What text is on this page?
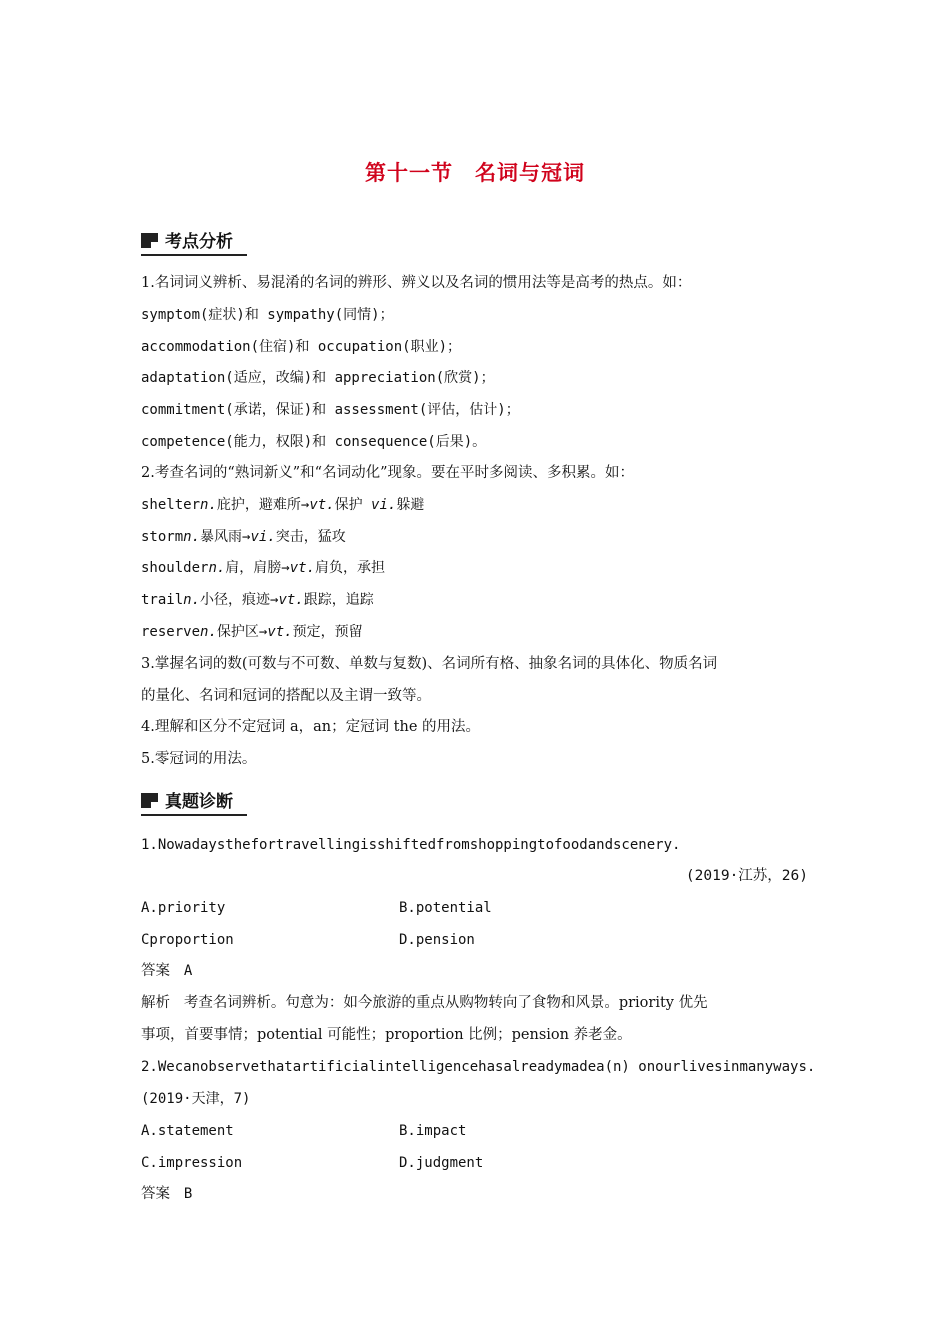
第十一节　名词与冠词
考点分析
1.名词词义辨析、易混淆的名词的辨形、辨义以及名词的惯用法等是高考的热点。如：
symptom(症状)和 sympathy(同情)；
accommodation(住宿)和 occupation(职业)；
adaptation(适应，改编)和 appreciation(欣赏)；
commitment(承诺，保证)和 assessment(评估，估计)；
competence(能力，权限)和 consequence(后果)。
2.考查名词的“熟词新义”和“名词动化”现象。要在平时多阅读、多积累。如：
sheltern.庇护，避难所→vt.保护 vi.躲避
stormn.暴风雨→vi.突击，猛攻
shouldern.肩，肩膀→vt.肩负，承担
trailn.小径，痕迹→vt.跟踪，追踪
reserven.保护区→vt.预定，预留
3.掌握名词的数(可数与不可数、单数与复数)、名词所有格、抽象名词的具体化、物质名词
的量化、名词和冠词的搭配以及主谓一致等。
4.理解和区分不定冠词 a，an；定冠词 the 的用法。
5.零冠词的用法。
真题诊断
1.Nowadaysthefortravellingisshiftedfromshoppingtofoodandscenery.
(2019·江苏，26)
A.priority	B.potential
Cproportion	D.pension
答案 A
解析 考查名词辨析。句意为：如今旅游的重点从购物转向了食物和风景。priority 优先
事项，首要事情；potential 可能性；proportion 比例；pension 养老金。
2.Wecanobservethatartificialintelligencehasalreadymadea(n) onourlivesinmanyways.
(2019·天津，7)
A.statement	B.impact
C.impression	D.judgment
答案 B
